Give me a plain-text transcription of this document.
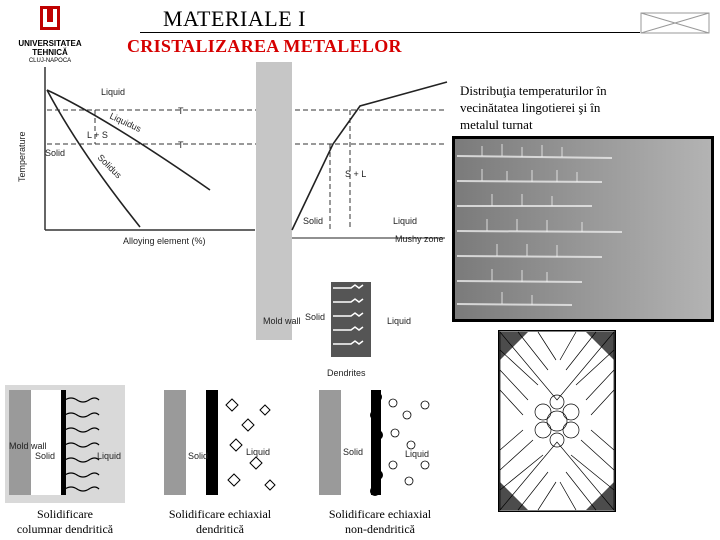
UNIVERSITATEA
TEHNICĂ
CLUJ-NAPOCA
MATERIALE I
CRISTALIZAREA METALELOR
Temperature
Alloying element (%)
Liquid
Liquidus
L + S
Solid	Solidus
T
T
S + L
Solid	Liquid
Mushy zone
Mold wall Solid	Liquid
Dendrites
Distribuţia temperaturilor în
vecinătatea lingotierei şi în
metalul turnat
Mold wall
Solid	Liquid
Solidificare
columnar dendritică
Solid	Liquid
Solidificare echiaxial
dendritică
Solid	Liquid
Solidificare echiaxial
non-dendritică
